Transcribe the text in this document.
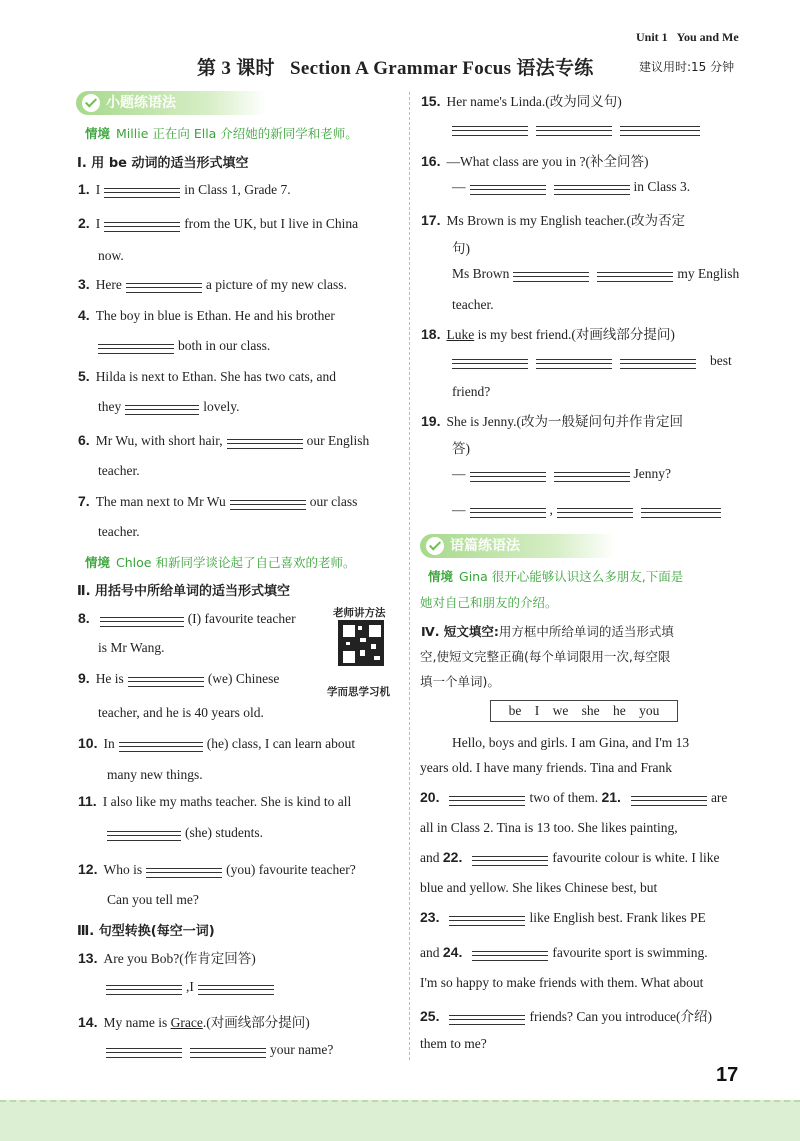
Unit 1 You and Me
第 3 课时 Section A Grammar Focus 语法专练	建议用时:15 分钟
小题练语法
情境 Millie 正在向 Ella 介绍她的新同学和老师。
Ⅰ. 用 be 动词的适当形式填空
1. I	in Class 1, Grade 7.
2. I	from the UK, but I live in China
now.
3. Here	a picture of my new class.
4. The boy in blue is Ethan. He and his brother
both in our class.
5. Hilda is next to Ethan. She has two cats, and
they	lovely.
6. Mr Wu, with short hair,	our English
teacher.
7. The man next to Mr Wu	our class
teacher.
情境 Chloe 和新同学谈论起了自己喜欢的老师。
Ⅱ. 用括号中所给单词的适当形式填空
老师讲方法
学而思学习机
8.	(I) favourite teacher
is Mr Wang.
9. He is	(we) Chinese
teacher, and he is 40 years old.
10. In	(he) class, I can learn about
many new things.
11. I also like my maths teacher. She is kind to all
(she) students.
12. Who is	(you) favourite teacher?
Can you tell me?
Ⅲ. 句型转换(每空一词)
13. Are you Bob?(作肯定回答)
,I
14. My name is Grace.(对画线部分提问)
your name?
15. Her name's Linda.(改为同义句)
16. —What class are you in ?(补全问答)
—	in Class 3.
17. Ms Brown is my English teacher.(改为否定
句)
Ms Brown	my English
teacher.
18. Luke is my best friend.(对画线部分提问)
best
friend?
19. She is Jenny.(改为一般疑问句并作肯定回
答)
—	Jenny?
—	,
语篇练语法
情境 Gina 很开心能够认识这么多朋友,下面是
她对自己和朋友的介绍。
Ⅳ. 短文填空:用方框中所给单词的适当形式填
空,使短文完整正确(每个单词限用一次,每空限
填一个单词)。
be I we she he you
Hello, boys and girls. I am Gina, and I'm 13
years old. I have many friends. Tina and Frank
20.	two of them. 21.	are
all in Class 2. Tina is 13 too. She likes painting,
and 22.	favourite colour is white. I like
blue and yellow. She likes Chinese best, but
23.	like English best. Frank likes PE
and 24.	favourite sport is swimming.
I'm so happy to make friends with them. What about
25.	friends? Can you introduce(介绍)
them to me?
17
